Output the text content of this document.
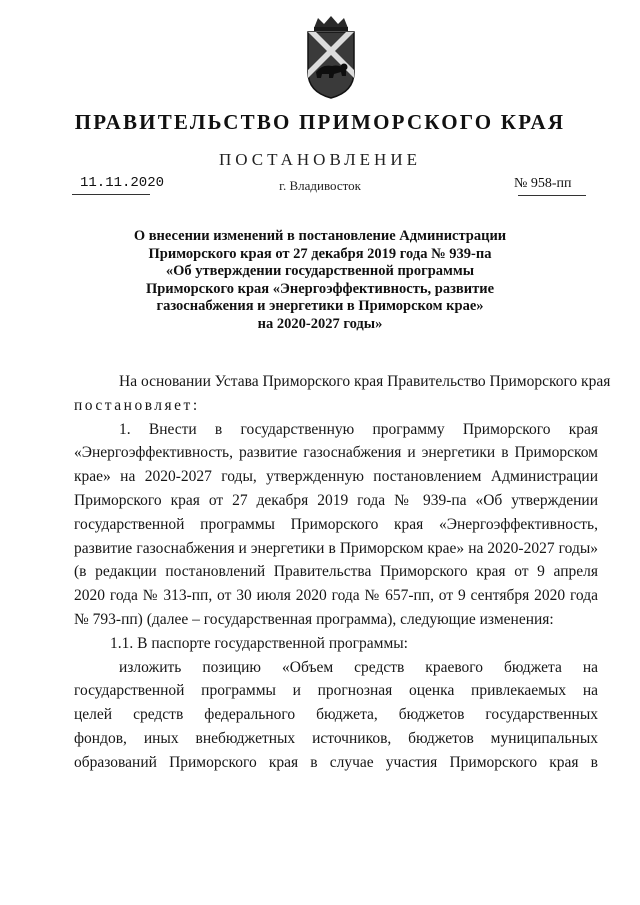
ПРАВИТЕЛЬСТВО ПРИМОРСКОГО КРАЯ
ПОСТАНОВЛЕНИЕ
11.11.2020	г. Владивосток	№ 958-пп
О внесении изменений в постановление Администрации
Приморского края от 27 декабря 2019 года № 939-па
«Об утверждении государственной программы
Приморского края «Энергоэффективность, развитие
газоснабжения и энергетики в Приморском крае»
на 2020-2027 годы»
На основании Устава Приморского края Правительство Приморского края
постановляет:
1. Внести в государственную программу Приморского края
«Энергоэффективность, развитие газоснабжения и энергетики в Приморском
крае» на 2020-2027 годы, утвержденную постановлением Администрации
Приморского края от 27 декабря 2019 года № 939-па «Об утверждении
государственной программы Приморского края «Энергоэффективность,
развитие газоснабжения и энергетики в Приморском крае» на 2020-2027 годы»
(в редакции постановлений Правительства Приморского края от 9 апреля
2020 года № 313-пп, от 30 июля 2020 года № 657-пп, от 9 сентября 2020 года
№ 793-пп) (далее – государственная программа), следующие изменения:
1.1. В паспорте государственной программы:
изложить позицию «Объем средств краевого бюджета на
государственной программы и прогнозная оценка привлекаемых на
целей средств федерального бюджета, бюджетов государственных
фондов, иных внебюджетных источников, бюджетов муниципальных
образований Приморского края в случае участия Приморского края в
